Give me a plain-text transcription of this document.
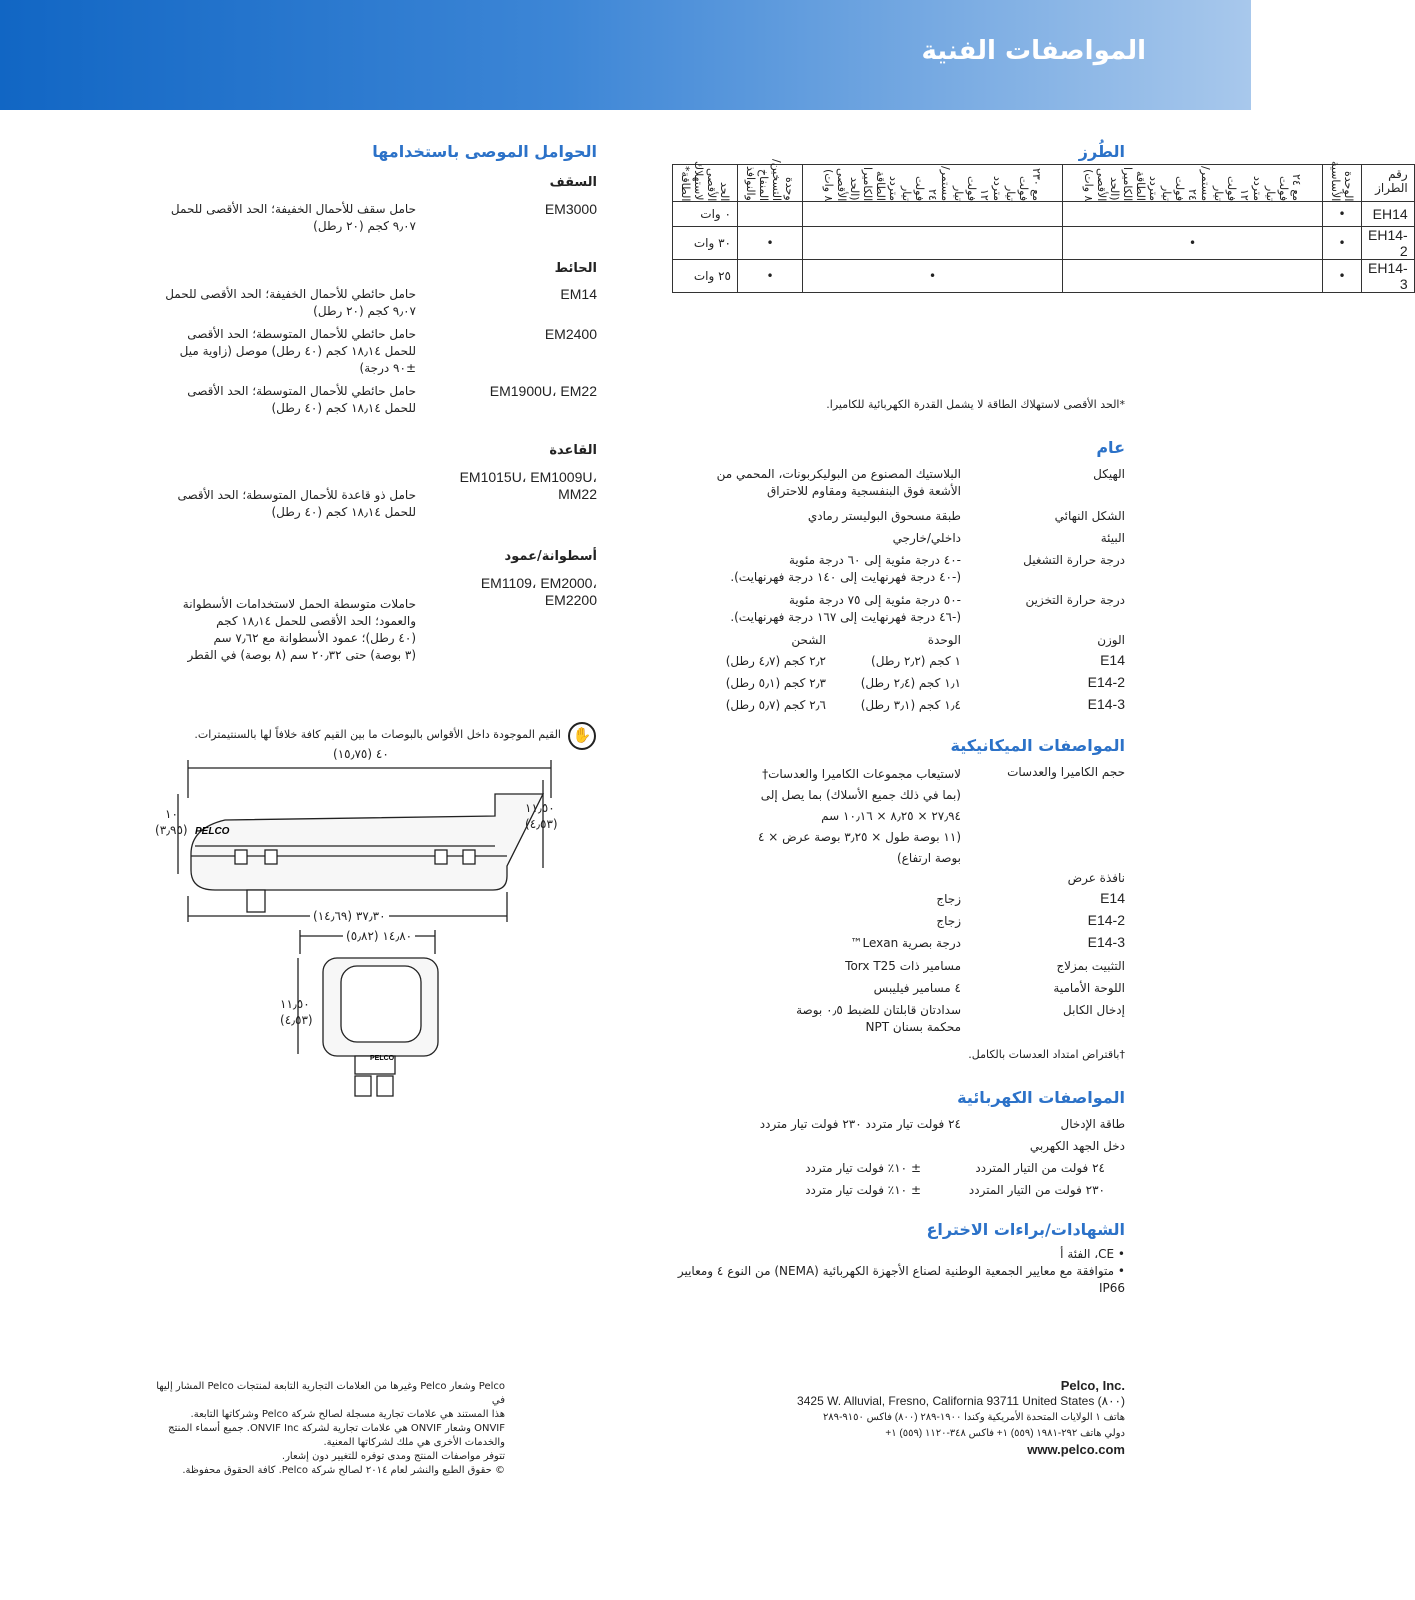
المواصفات الفنية
الحوامل الموصى باستخدامها
السقف
EM3000
حامل سقف للأحمال الخفيفة؛ الحد الأقصى للحمل
٩٫٠٧ كجم (٢٠ رطل)
الحائط
EM14
حامل حائطي للأحمال الخفيفة؛ الحد الأقصى للحمل
٩٫٠٧ كجم (٢٠ رطل)
EM2400
حامل حائطي للأحمال المتوسطة؛ الحد الأقصى
للحمل ١٨٫١٤ كجم (٤٠ رطل) موصل (زاوية ميل
±٩٠ درجة)
EM1900U، EM22
حامل حائطي للأحمال المتوسطة؛ الحد الأقصى
للحمل ١٨٫١٤ كجم (٤٠ رطل)
القاعدة
EM1015U، EM1009U،
MM22
حامل ذو قاعدة للأحمال المتوسطة؛ الحد الأقصى
للحمل ١٨٫١٤ كجم (٤٠ رطل)
أسطوانة/عمود
EM1109، EM2000،
EM2200
حاملات متوسطة الحمل لاستخدامات الأسطوانة
والعمود؛ الحد الأقصى للحمل ١٨٫١٤ كجم
(٤٠ رطل)؛ عمود الأسطوانة مع ٧٫٦٢ سم
(٣ بوصة) حتى ٢٠٫٣٢ سم (٨ بوصة) في القطر
✋
القيم الموجودة داخل الأقواس بالبوصات ما بين القيم كافة خلافاً لها بالسنتيمترات.
PELCO
PELCO
٤٠ (١٥٫٧٥)
١٠
(٣٫٩٥)
١١٫٥٠
(٤٫٥٣)
٣٧٫٣٠ (١٤٫٦٩)
١٤٫٨٠ (٥٫٨٢)
١١٫٥٠
(٤٫٥٣)
الطُرز
الحد الأقصى لاستهلاك الطاقة*	وحدة التسخين/المنفاخ والنوافذ	مع ٢٣٠ فولت تيار متردد ١٢ فولت تيار مستمر/٢٤ فولت تيار متردد الطاقة الكاميرا (الحد الأقصى ٨ وات)	مع ٢٤ فولت تيار متردد ١٢ فولت تيار مستمر/٢٤ فولت تيار متردد الطاقة الكاميرا (الحد الأقصى ٨ وات)	الوحدة الأساسية	رقم الطراز
٠ وات				•	EH14
٣٠ وات	•		•	•	EH14-2
٢٥ وات	•	•		•	EH14-3
*الحد الأقصى لاستهلاك الطاقة لا يشمل القدرة الكهربائية للكاميرا.
عام
الهيكل
البلاستيك المصنوع من البوليكربونات، المحمي من
الأشعة فوق البنفسجية ومقاوم للاحتراق
الشكل النهائي
طبقة مسحوق البوليستر رمادي
البيئة
داخلي/خارجي
درجة حرارة التشغيل
-٤٠ درجة مئوية إلى ٦٠ درجة مئوية
(-٤٠ درجة فهرنهايت إلى ١٤٠ درجة فهرنهايت).
درجة حرارة التخزين
-٥٠ درجة مئوية إلى ٧٥ درجة مئوية
(-٤٦ درجة فهرنهايت إلى ١٦٧ درجة فهرنهايت).
الوزن
الوحدة
الشحن
E14
١ كجم (٢٫٢ رطل)
٢٫٢ كجم (٤٫٧ رطل)
E14-2
١٫١ كجم (٢٫٤ رطل)
٢٫٣ كجم (٥٫١ رطل)
E14-3
١٫٤ كجم (٣٫١ رطل)
٢٫٦ كجم (٥٫٧ رطل)
المواصفات الميكانيكية
حجم الكاميرا والعدسات
لاستيعاب مجموعات الكاميرا والعدسات†
(بما في ذلك جميع الأسلاك) بما يصل إلى
٢٧٫٩٤ × ٨٫٢٥ × ١٠٫١٦ سم
(١١ بوصة طول × ٣٫٢٥ بوصة عرض × ٤
بوصة ارتفاع)
نافذة عرض
E14
زجاج
E14-2
زجاج
E14-3
درجة بصرية Lexan™
التثبيت بمزلاج
مسامير ذات Torx T25
اللوحة الأمامية
٤ مسامير فيليبس
إدخال الكابل
سدادتان قابلتان للضبط ٠٫٥ بوصة
محكمة بسنان NPT
†باقتراض امتداد العدسات بالكامل.
المواصفات الكهربائية
طاقة الإدخال
٢٤ فولت تيار متردد ٢٣٠ فولت تيار متردد
دخل الجهد الكهربي
٢٤ فولت من التيار المتردد
± ١٠٪ فولت تيار متردد
٢٣٠ فولت من التيار المتردد
± ١٠٪ فولت تيار متردد
الشهادات/براءات الاختراع
• CE، الفئة أ
• متوافقة مع معايير الجمعية الوطنية لصناع الأجهزة الكهربائية (NEMA) من النوع ٤ ومعايير IP66
Pelco وشعار Pelco وغيرها من العلامات التجارية التابعة لمنتجات Pelco المشار إليها في
هذا المستند هي علامات تجارية مسجلة لصالح شركة Pelco وشركاتها التابعة.
ONVIF وشعار ONVIF هي علامات تجارية لشركة ONVIF Inc. جميع أسماء المنتج
والخدمات الأخرى هي ملك لشركاتها المعنية.
تتوفر مواصفات المنتج ومدى توفره للتغيير دون إشعار.
© حقوق الطبع والنشر لعام ٢٠١٤ لصالح شركة Pelco. كافة الحقوق محفوظة.
Pelco, Inc.
3425 W. Alluvial, Fresno, California 93711 United States (٨٠٠)
هاتف ١ الولايات المتحدة الأمريكية وكندا ١٩٠٠-٢٨٩ (٨٠٠) فاكس ٩١٥٠-٢٨٩
دولي هاتف ٢٩٢-١٩٨١ (٥٥٩) ١+ فاكس ٣٤٨-١١٢٠ (٥٥٩) ١+
www.pelco.com
